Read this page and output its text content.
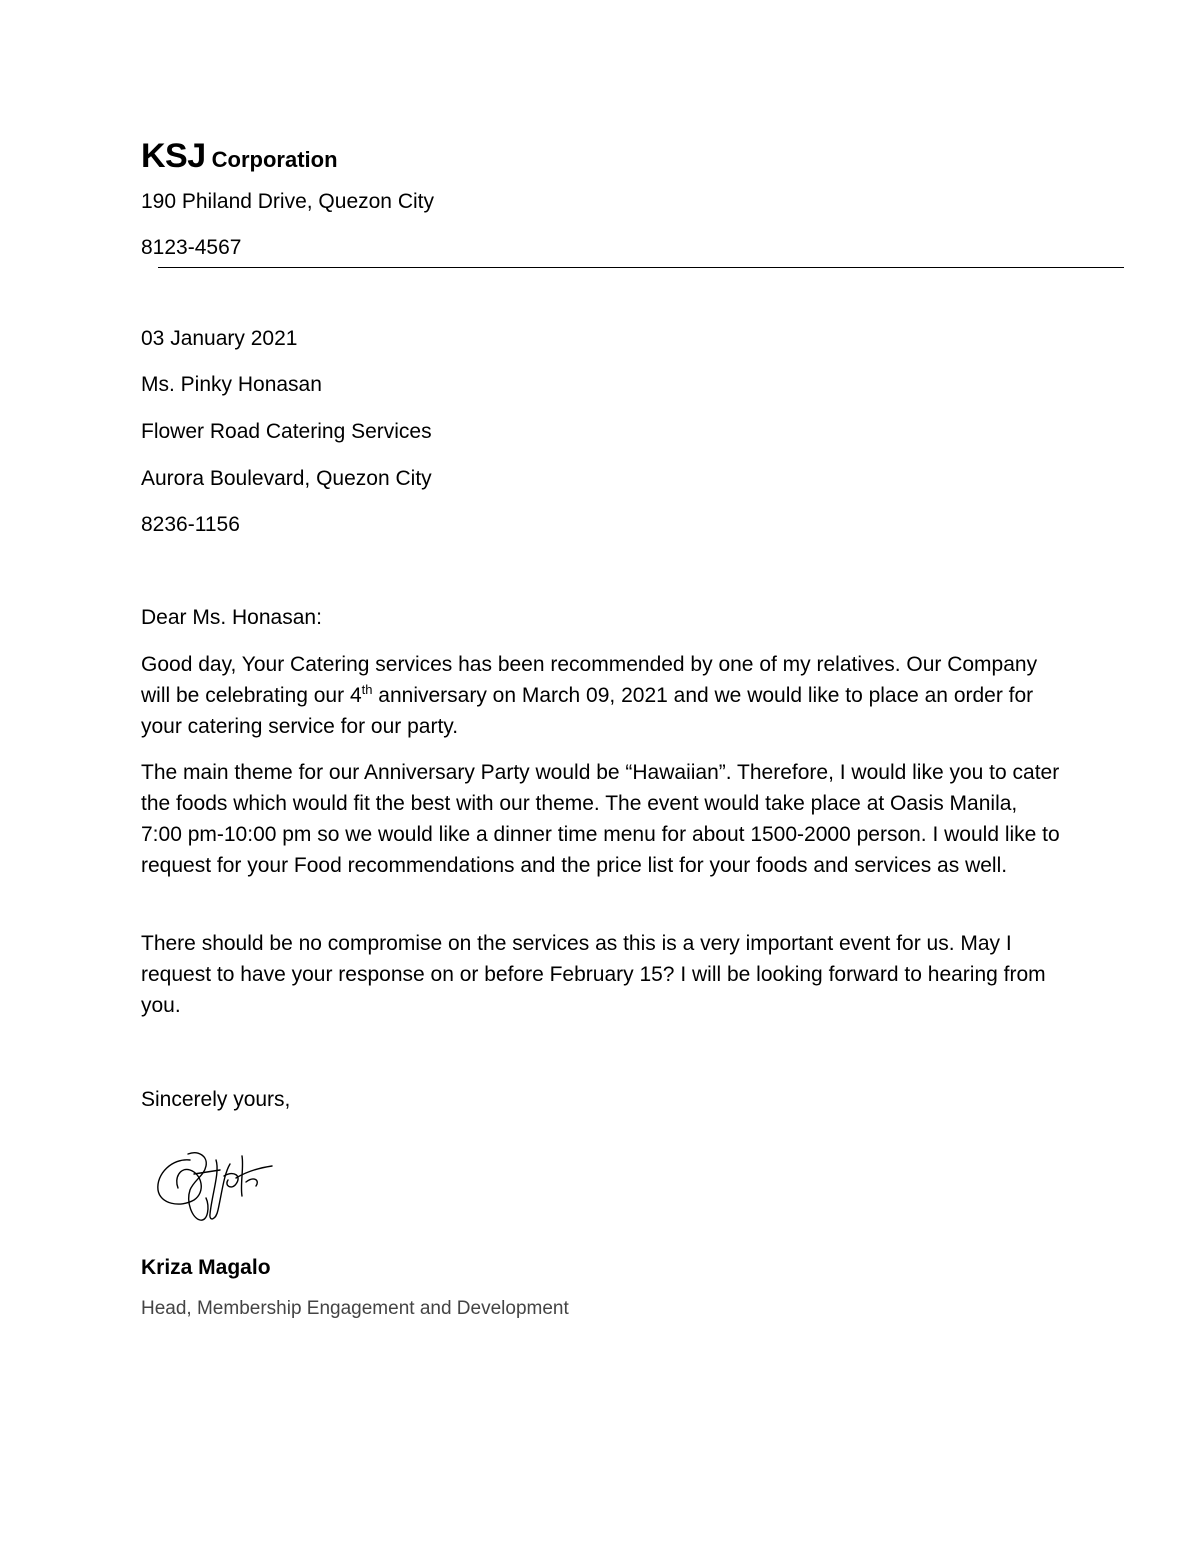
KSJ Corporation
190 Philand Drive, Quezon City
8123-4567
03 January 2021
Ms. Pinky Honasan
Flower Road Catering Services
Aurora Boulevard, Quezon City
8236-1156
Dear Ms. Honasan:
Good day, Your Catering services has been recommended by one of my relatives. Our Company will be celebrating our 4th anniversary on March 09, 2021 and we would like to place an order for your catering service for our party.
The main theme for our Anniversary Party would be “Hawaiian”. Therefore, I would like you to cater the foods which would fit the best with our theme. The event would take place at Oasis Manila, 7:00 pm-10:00 pm so we would like a dinner time menu for about 1500-2000 person. I would like to request for your Food recommendations and the price list for your foods and services as well.
There should be no compromise on the services as this is a very important event for us. May I request to have your response on or before February 15? I will be looking forward to hearing from you.
Sincerely yours,
Kriza Magalo
Head, Membership Engagement and Development
